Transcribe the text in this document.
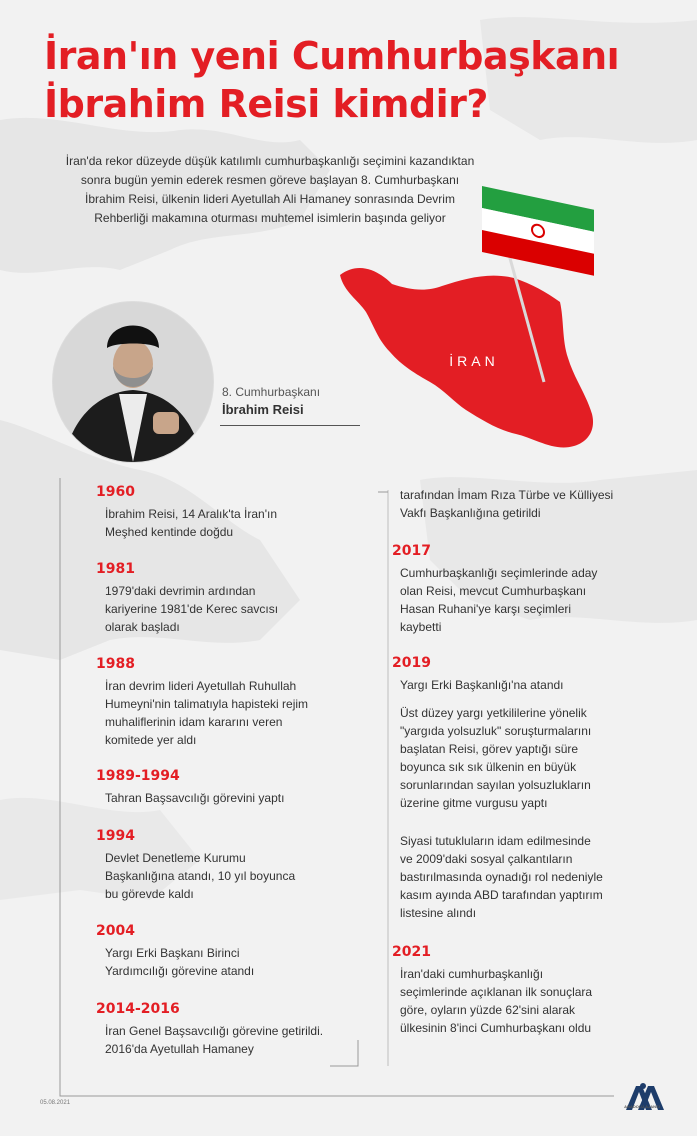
İran'ın yeni Cumhurbaşkanı
İbrahim Reisi kimdir?
İran'da rekor düzeyde düşük katılımlı cumhurbaşkanlığı seçimini kazandıktan sonra bugün yemin ederek resmen göreve başlayan 8. Cumhurbaşkanı İbrahim Reisi, ülkenin lideri Ayetullah Ali Hamaney sonrasında Devrim Rehberliği makamına oturması muhtemel isimlerin başında geliyor
8. Cumhurbaşkanı
İbrahim Reisi
İRAN
1960
İbrahim Reisi, 14 Aralık'ta İran'ın Meşhed kentinde doğdu
1981
1979'daki devrimin ardından kariyerine 1981'de Kerec savcısı olarak başladı
1988
İran devrim lideri Ayetullah Ruhullah Humeyni'nin talimatıyla hapisteki rejim muhaliflerinin idam kararını veren komitede yer aldı
1989-1994
Tahran Başsavcılığı görevini yaptı
1994
Devlet Denetleme Kurumu Başkanlığına atandı, 10 yıl boyunca bu görevde kaldı
2004
Yargı Erki Başkanı Birinci Yardımcılığı görevine atandı
2014-2016
İran Genel Başsavcılığı görevine getirildi. 2016'da Ayetullah Hamaney
tarafından İmam Rıza Türbe ve Külliyesi Vakfı Başkanlığına getirildi
2017
Cumhurbaşkanlığı seçimlerinde aday olan Reisi, mevcut Cumhurbaşkanı Hasan Ruhani'ye karşı seçimleri kaybetti
2019
Yargı Erki Başkanlığı'na atandı
Üst düzey yargı yetkililerine yönelik "yargıda yolsuzluk" soruşturmalarını başlatan Reisi, görev yaptığı süre boyunca sık sık ülkenin en büyük sorunlarından sayılan yolsuzlukların üzerine gitme vurgusu yaptı
Siyasi tutukluların idam edilmesinde ve 2009'daki sosyal çalkantıların bastırılmasında oynadığı rol nedeniyle kasım ayında ABD tarafından yaptırım listesine alındı
2021
İran'daki cumhurbaşkanlığı seçimlerinde açıklanan ilk sonuçlara göre, oyların yüzde 62'sini alarak ülkesinin 8'inci Cumhurbaşkanı oldu
05.08.2021
ANADOLU AJANSI
